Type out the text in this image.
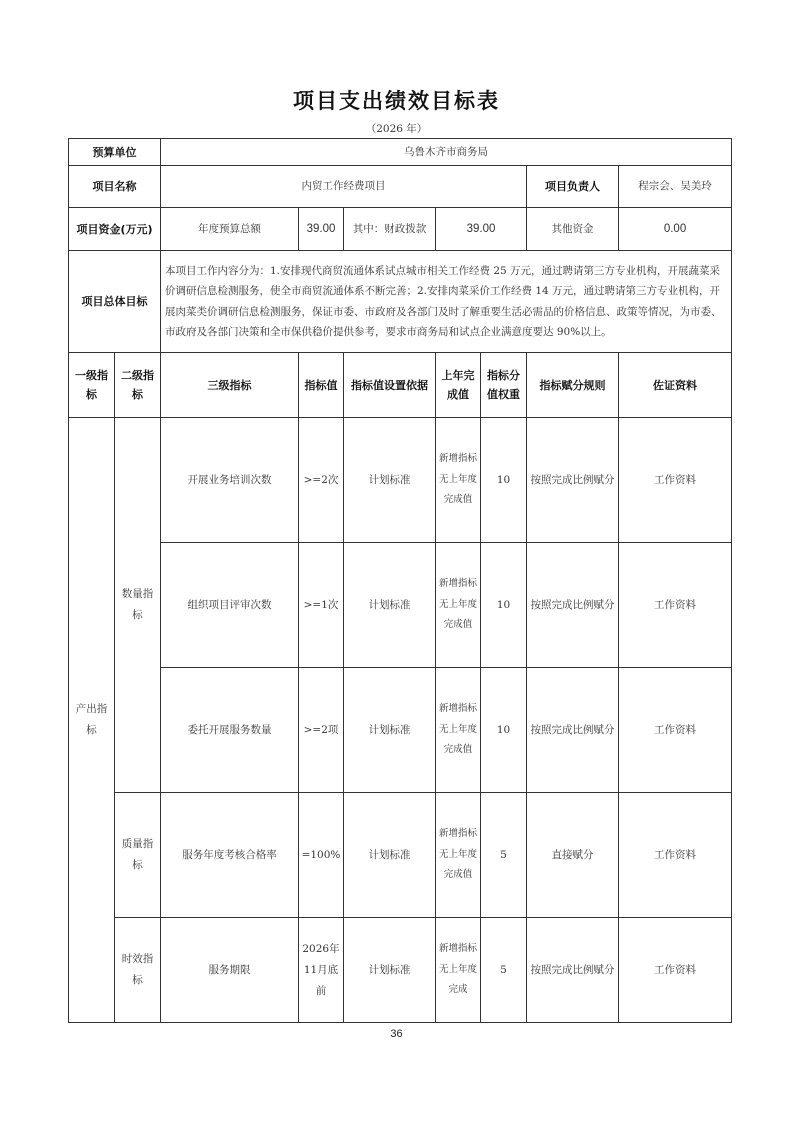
项目支出绩效目标表
（2026 年）
预算单位		乌鲁木齐市商务局						
项目名称		内贸工作经费项目					项目负责人	程宗会、吴美玲
项目资金(万元)		年度预算总额	39.00	其中：财政拨款	39.00		其他资金	0.00
项目总体目标		本项目工作内容分为：1.安排现代商贸流通体系试点城市相关工作经费 25 万元，通过聘请第三方专业机构，开展蔬菜采价调研信息检测服务，使全市商贸流通体系不断完善；2.安排肉菜采价工作经费 14 万元，通过聘请第三方专业机构，开展肉菜类价调研信息检测服务，保证市委、市政府及各部门及时了解重要生活必需品的价格信息、政策等情况，为市委、市政府及各部门决策和全市保供稳价提供参考，要求市商务局和试点企业满意度要达 90%以上。						
一级指标	二级指标	三级指标	指标值	指标值设置依据	上年完成值	指标分值权重	指标赋分规则	佐证资料
产出指标	数量指标	开展业务培训次数	>=2次	计划标准	新增指标无上年度完成值	10	按照完成比例赋分	工作资料
		组织项目评审次数	>=1次	计划标准	新增指标无上年度完成值	10	按照完成比例赋分	工作资料
		委托开展服务数量	>=2项	计划标准	新增指标无上年度完成值	10	按照完成比例赋分	工作资料
	质量指标	服务年度考核合格率	=100%	计划标准	新增指标无上年度完成值	5	直接赋分	工作资料
	时效指标	服务期限	2026年11月底前	计划标准	新增指标无上年度完成	5	按照完成比例赋分	工作资料
36
